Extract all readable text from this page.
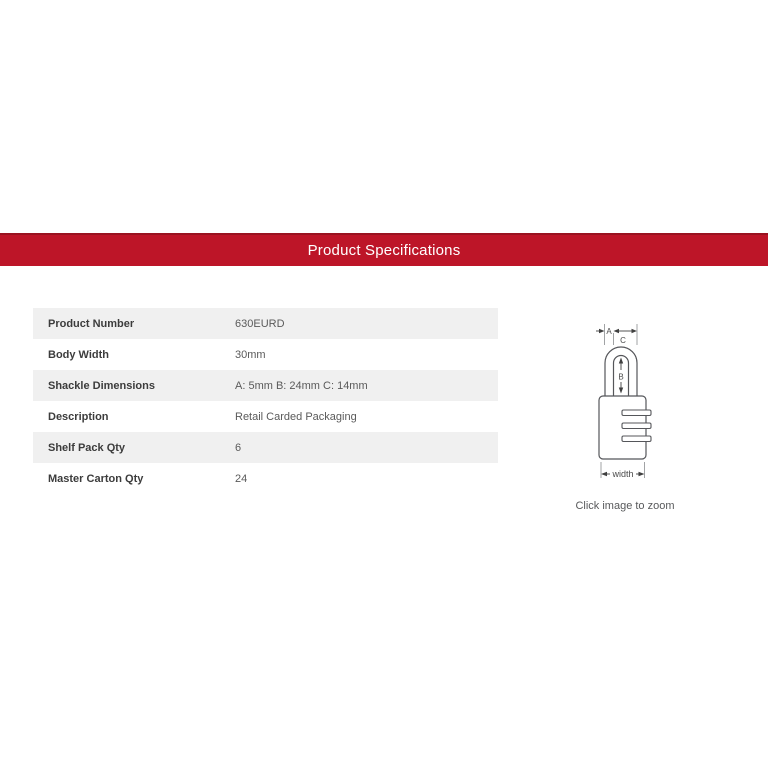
Product Specifications
Product Number	630EURD
Body Width	30mm
Shackle Dimensions	A: 5mm B: 24mm C: 14mm
Description	Retail Carded Packaging
Shelf Pack Qty	6
Master Carton Qty	24
A
C
B
width
Click image to zoom
